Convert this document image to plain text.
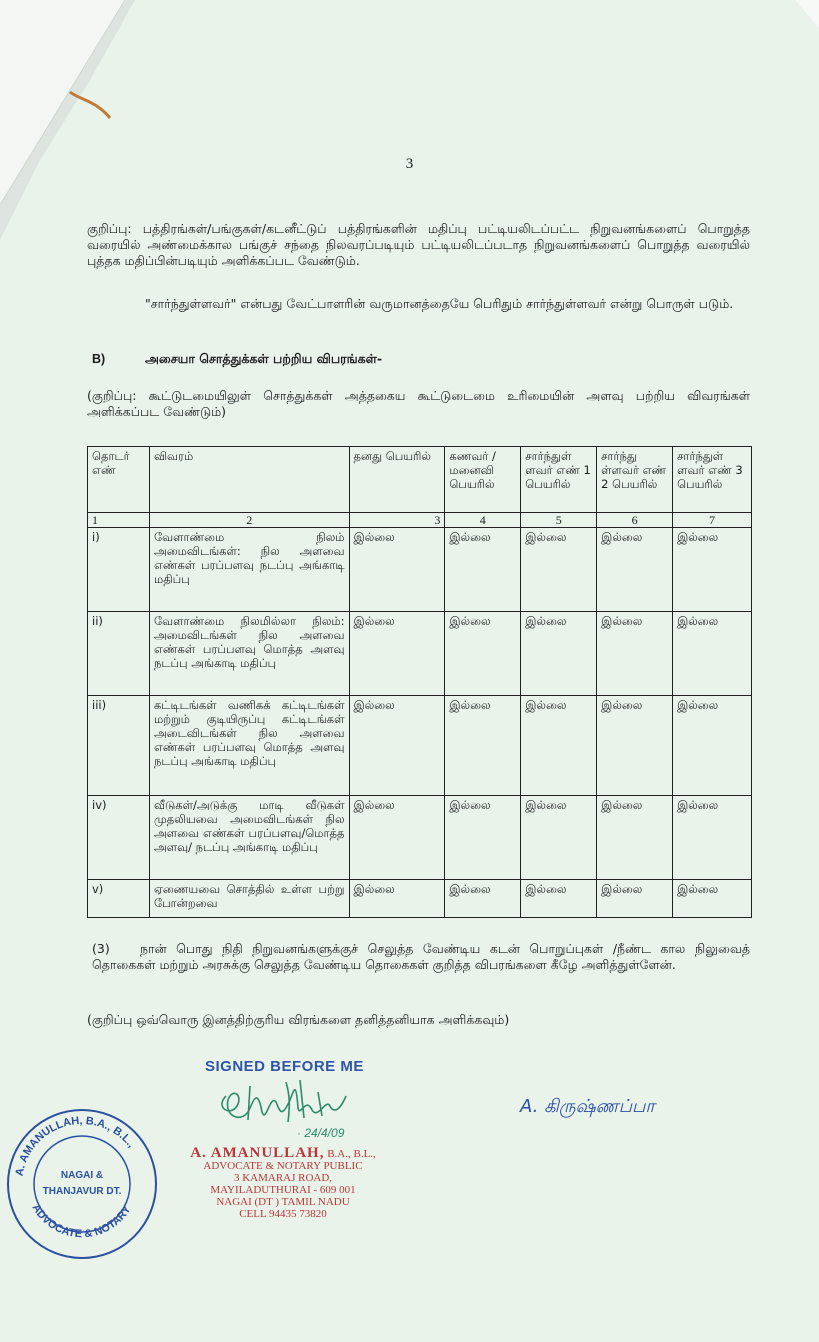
3
குறிப்பு: பத்திரங்கள்/பங்குகள்/கடனீட்டுப் பத்திரங்களின் மதிப்பு பட்டியலிடப்பட்ட நிறுவனங்களைப் பொறுத்த வரையில் அண்மைக்கால பங்குச் சந்தை நிலவரப்படியும் பட்டியலிடப்படாத நிறுவனங்களைப் பொறுத்த வரையில் புத்தக மதிப்பின்படியும் அளிக்கப்பட வேண்டும்.
"சார்ந்துள்ளவர்" என்பது வேட்பாளரின் வருமானத்தையே பெரிதும் சார்ந்துள்ளவர் என்று பொருள் படும்.
B)	அசையா சொத்துக்கள் பற்றிய விபரங்கள்-
(குறிப்பு: கூட்டுடமையிலுள் சொத்துக்கள் அத்தகைய கூட்டுடைமை உரிமையின் அளவு பற்றிய விவரங்கள் அளிக்கப்பட வேண்டும்)
தொடர் எண்	விவரம்	தனது பெயரில்	கணவர் / மனைவி பெயரில்	சார்ந்துள் ளவர் எண் 1 பெயரில்	சார்ந்து ள்ளவர் எண் 2 பெயரில்	சார்ந்துள் ளவர் எண் 3 பெயரில்
1	2	3	4	5	6	7
i)	வேளாண்மை நிலம் அமைவிடங்கள்: நில அளவை எண்கள் பரப்பளவு நடப்பு அங்காடி மதிப்பு	இல்லை	இல்லை	இல்லை	இல்லை	இல்லை
ii)	வேளாண்மை நிலமில்லா நிலம்: அமைவிடங்கள் நில அளவை எண்கள் பரப்பளவு மொத்த அளவு நடப்பு அங்காடி மதிப்பு	இல்லை	இல்லை	இல்லை	இல்லை	இல்லை
iii)	கட்டிடங்கள் வணிகக் கட்டிடங்கள் மற்றும் குடியிருப்பு கட்டிடங்கள் அடைவிடங்கள் நில அளவை எண்கள் பரப்பளவு மொத்த அளவு நடப்பு அங்காடி மதிப்பு	இல்லை	இல்லை	இல்லை	இல்லை	இல்லை
iv)	வீடுகள்/அடுக்கு மாடி வீடுகள் முதலியவை அமைவிடங்கள் நில அளவை எண்கள் பரப்பளவு/மொத்த அளவு/ நடப்பு அங்காடி மதிப்பு	இல்லை	இல்லை	இல்லை	இல்லை	இல்லை
v)	ஏணையவை சொத்தில் உள்ள பற்று போன்றவை	இல்லை	இல்லை	இல்லை	இல்லை	இல்லை
(3) நான் பொது நிதி நிறுவனங்களுக்குச் செலுத்த வேண்டிய கடன் பொறுப்புகள் /நீண்ட கால நிலுவைத் தொகைகள் மற்றும் அரசுக்கு செலுத்த வேண்டிய தொகைகள் குறித்த விபரங்களை கீழே அளித்துள்ளேன்.
(குறிப்பு ஒவ்வொரு இனத்திற்குரிய விரங்களை தனித்தனியாக அளிக்கவும்)
SIGNED BEFORE ME
· 24/4/09
A. கிருஷ்ணப்பா
A. AMANULLAH, B.A., B.L.,
ADVOCATE & NOTARY
NAGAI &
THANJAVUR DT.
A. AMANULLAH, B.A., B.L.,
ADVOCATE & NOTARY PUBLIC
3 KAMARAJ ROAD,
MAYILADUTHURAI - 609 001
NAGAI (DT ) TAMIL NADU
CELL 94435 73820
